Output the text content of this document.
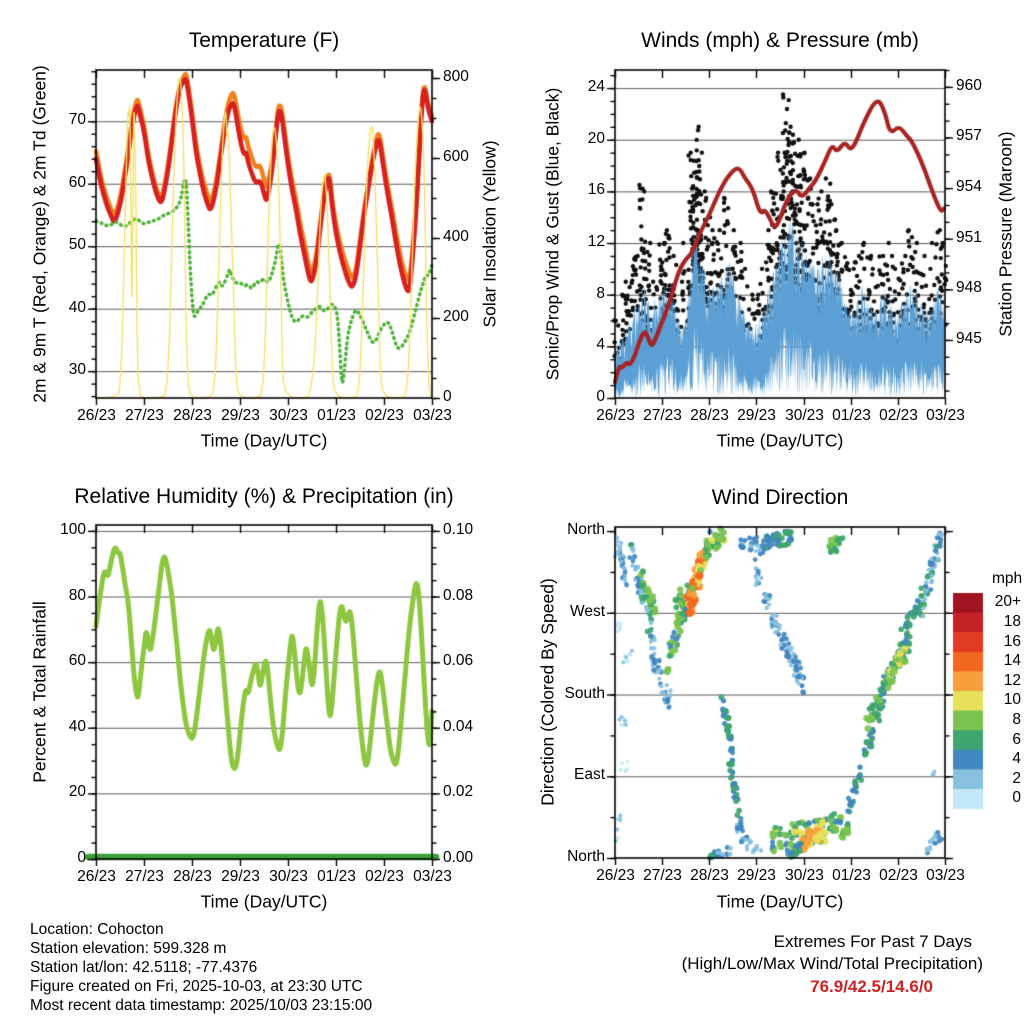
Temperature (F)	Winds (mph) & Pressure (mb)
Relative Humidity (%) & Precipitation (in)	Wind Direction
2m & 9m T (Red, Orange) & 2m Td (Green)	Solar Insolation (Yellow)
Time (Day/UTC)
Sonic/Prop Wind & Gust (Blue, Black)	Station Pressure (Maroon)
Time (Day/UTC)
Percent & Total Rainfall
Time (Day/UTC)
Direction (Colored By Speed)
Time (Day/UTC)
mph
20+
18
16
14
12
10
8
6
4
2
0
26/23 27/23 28/23 29/23 30/23 01/23 02/23 03/23
30
40
50
60
70
0
200
400
600
800
26/23 27/23 28/23 29/23 30/23 01/23 02/23 03/23
0
4
8
12
16
20
24
945
948
951
954
957
960
26/23 27/23 28/23 29/23 30/23 01/23 02/23 03/23
0
20
40
60
80
100
0.00
0.02
0.04
0.06
0.08
0.10
26/23 27/23 28/23 29/23 30/23 01/23 02/23 03/23
North
East
South
West
North
Location: Cohocton
Station elevation: 599.328 m
Station lat/lon: 42.5118; -77.4376
Figure created on Fri, 2025-10-03, at 23:30 UTC
Most recent data timestamp: 2025/10/03 23:15:00
Extremes For Past 7 Days
(High/Low/Max Wind/Total Precipitation)
76.9/42.5/14.6/0
